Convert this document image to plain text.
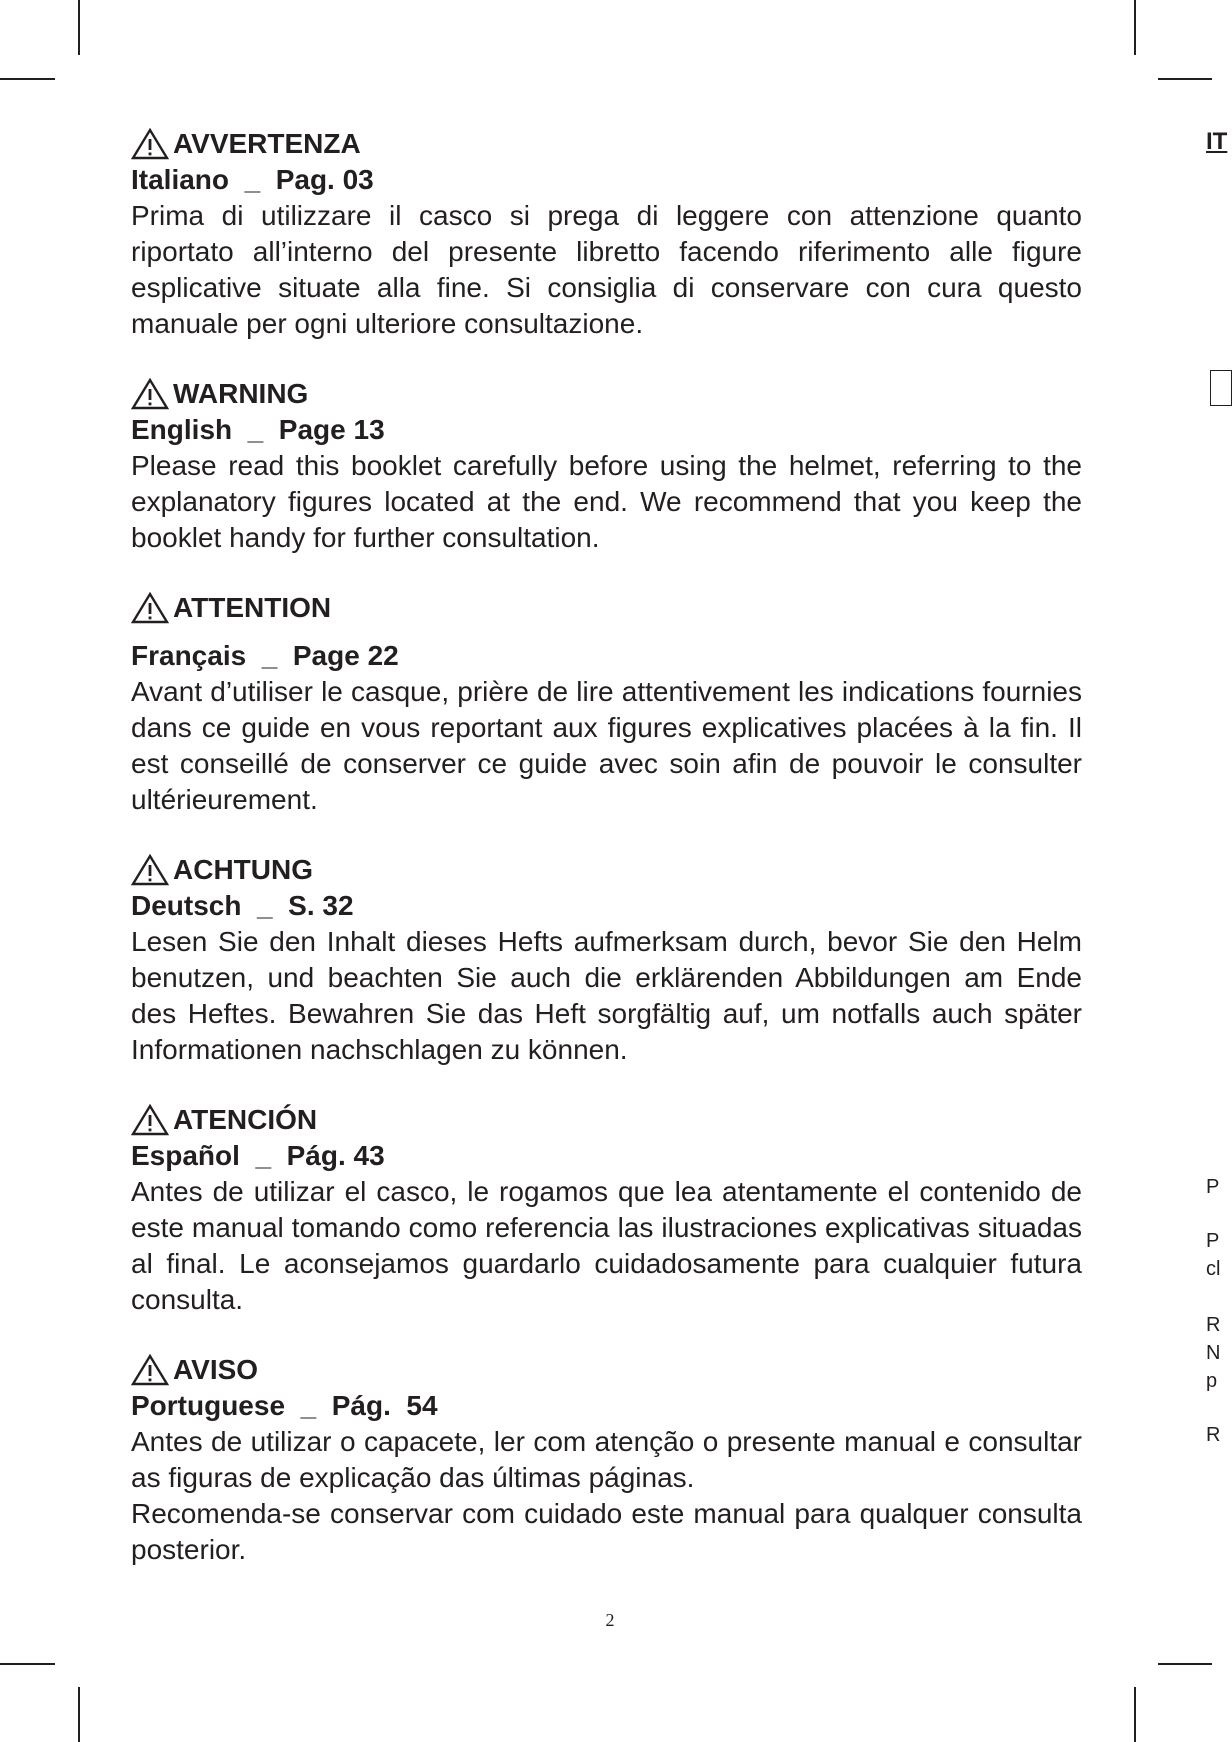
AVVERTENZA
Italiano  _  Pag. 03

Prima di utilizzare il casco si prega di leggere con attenzione quanto riportato all’interno del presente libretto facendo riferimento alle figure esplicative situate alla fine. Si consiglia di conservare con cura questo manuale per ogni ulteriore consultazione.

WARNING
English  _  Page 13

Please read this booklet carefully before using the helmet, referring to the explanatory figures located at the end. We recommend that you keep the booklet handy for further consultation.

ATTENTION
Français  _  Page 22

Avant d’utiliser le casque, prière de lire attentivement les indications fournies dans ce guide en vous reportant aux figures explicatives placées à la fin. Il est conseillé de conserver ce guide avec soin afin de pouvoir le consulter ultérieurement.

ACHTUNG
Deutsch  _  S. 32

Lesen Sie den Inhalt dieses Hefts aufmerksam durch, bevor Sie den Helm benutzen, und beachten Sie auch die erklärenden Abbildungen am Ende des Heftes. Bewahren Sie das Heft sorgfältig auf, um notfalls auch später Informationen nachschlagen zu können.

ATENCIÓN
Español  _  Pág. 43

Antes de utilizar el casco, le rogamos que lea atentamente el contenido de este manual tomando como referencia las ilustraciones explicativas situadas al final. Le aconsejamos guardarlo cuidadosamente para cualquier futura consulta.

AVISO
Portuguese  _  Pág.  54

Antes de utilizar o capacete, ler com atenção o presente manual e consultar as figuras de explicação das últimas páginas.

Recomenda-se conservar com cuidado este manual para qualquer consulta posterior.

2
IT
P
P
cl
R
N
p
R
